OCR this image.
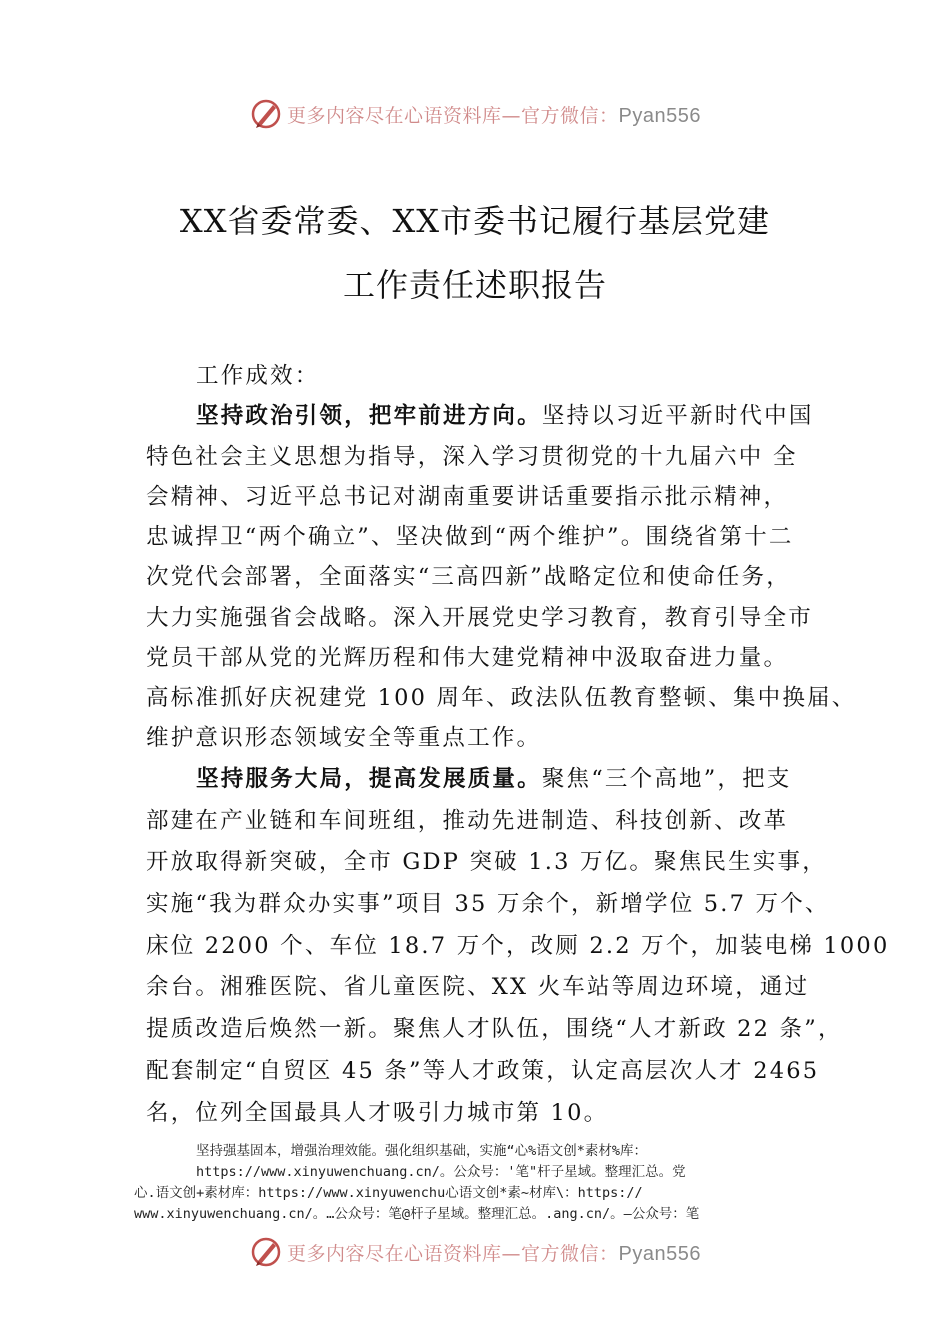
更多内容尽在心语资料库—官方微信：Pyan556
XX省委常委、XX市委书记履行基层党建
工作责任述职报告
工作成效：
坚持政治引领，把牢前进方向。坚持以习近平新时代中国
特色社会主义思想为指导，深入学习贯彻党的十九届六中 全
会精神、习近平总书记对湖南重要讲话重要指示批示精神，
忠诚捍卫“两个确立”、坚决做到“两个维护”。围绕省第十二
次党代会部署，全面落实“三高四新”战略定位和使命任务，
大力实施强省会战略。深入开展党史学习教育，教育引导全市
党员干部从党的光辉历程和伟大建党精神中汲取奋进力量。
高标准抓好庆祝建党 100 周年、政法队伍教育整顿、集中换届、
维护意识形态领域安全等重点工作。
坚持服务大局，提高发展质量。聚焦“三个高地”，把支
部建在产业链和车间班组，推动先进制造、科技创新、改革
开放取得新突破，全市 GDP 突破 1.3 万亿。聚焦民生实事，
实施“我为群众办实事”项目 35 万余个，新增学位 5.7 万个、
床位 2200 个、车位 18.7 万个，改厕 2.2 万个，加装电梯 1000
余台。湘雅医院、省儿童医院、XX 火车站等周边环境，通过
提质改造后焕然一新。聚焦人才队伍，围绕“人才新政 22 条”，
配套制定“自贸区 45 条”等人才政策，认定高层次人才 2465
名，位列全国最具人才吸引力城市第 10。
坚持强基固本，增强治理效能。强化组织基础，实施“心%语文创*素材%库：
https://www.xinyuwenchuang.cn/。公众号：'笔"杆子星域。整理汇总。党
心.语文创+素材库：https://www.xinyuwenchu心语文创*素~材库\：https://
www.xinyuwenchuang.cn/。…公众号：笔@杆子星域。整理汇总。.ang.cn/。—公众号：笔
更多内容尽在心语资料库—官方微信：Pyan556
